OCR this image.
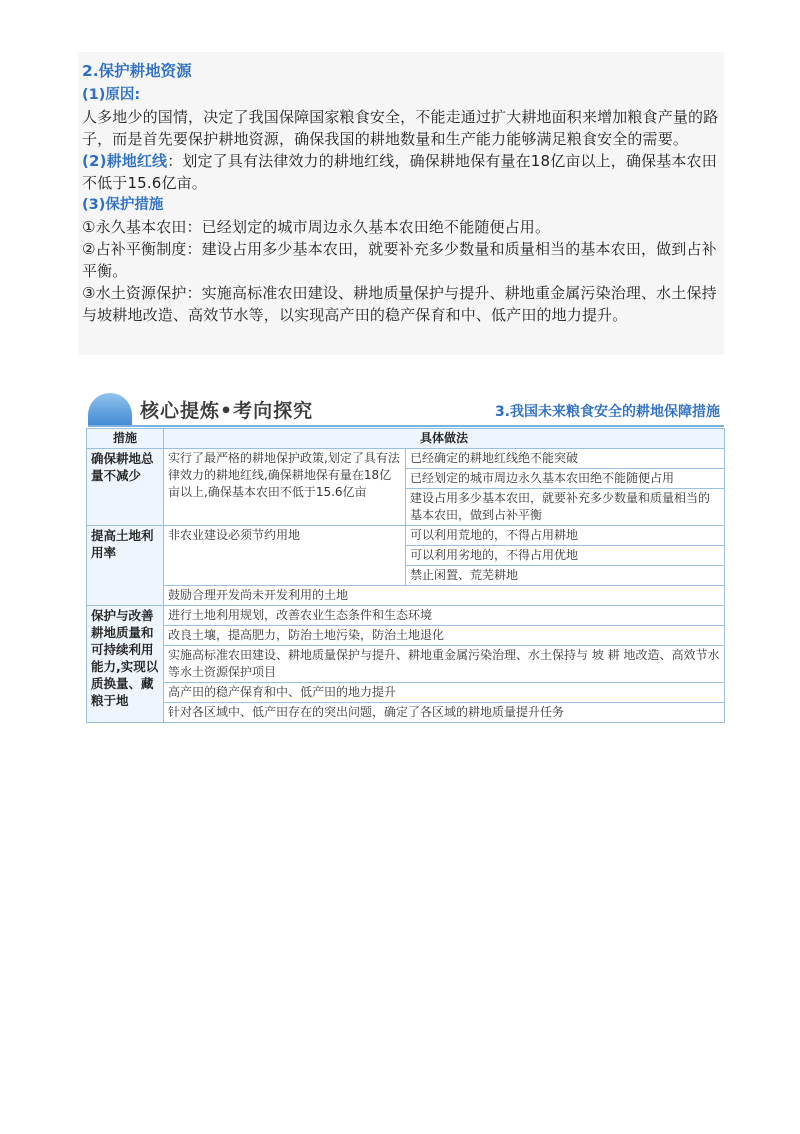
2.保护耕地资源
(1)原因:

人多地少的国情，决定了我国保障国家粮食安全，不能走通过扩大耕地面积来增加粮食产量的路子，而是首先要保护耕地资源，确保我国的耕地数量和生产能力能够满足粮食安全的需要。

(2)耕地红线：划定了具有法律效力的耕地红线，确保耕地保有量在18亿亩以上，确保基本农田不低于15.6亿亩。

(3)保护措施

①永久基本农田：已经划定的城市周边永久基本农田绝不能随便占用。

②占补平衡制度：建设占用多少基本农田，就要补充多少数量和质量相当的基本农田，做到占补平衡。

③水土资源保护：实施高标准农田建设、耕地质量保护与提升、耕地重金属污染治理、水土保持与坡耕地改造、高效节水等，以实现高产田的稳产保育和中、低产田的地力提升。

核心提炼•考向探究	3.我国未来粮食安全的耕地保障措施
措施	具体做法	
确保耕地总量不减少	实行了最严格的耕地保护政策,划定了具有法律效力的耕地红线,确保耕地保有量在18亿亩以上,确保基本农田不低于15.6亿亩	已经确定的耕地红线绝不能突破
		已经划定的城市周边永久基本农田绝不能随便占用
		建设占用多少基本农田，就要补充多少数量和质量相当的基本农田，做到占补平衡
提高土地利用率	非农业建设必须节约用地	可以利用荒地的，不得占用耕地
		可以利用劣地的，不得占用优地
		禁止闲置、荒芜耕地
	鼓励合理开发尚未开发利用的土地	
保护与改善耕地质量和可持续利用能力,实现以质换量、藏粮于地	进行土地利用规划，改善农业生态条件和生态环境	
	改良土壤，提高肥力，防治土地污染，防治土地退化	
	实施高标准农田建设、耕地质量保护与提升、耕地重金属污染治理、水土保持与 坡 耕 地改造、高效节水等水土资源保护项目	
	高产田的稳产保育和中、低产田的地力提升	
	针对各区域中、低产田存在的突出问题，确定了各区域的耕地质量提升任务	
